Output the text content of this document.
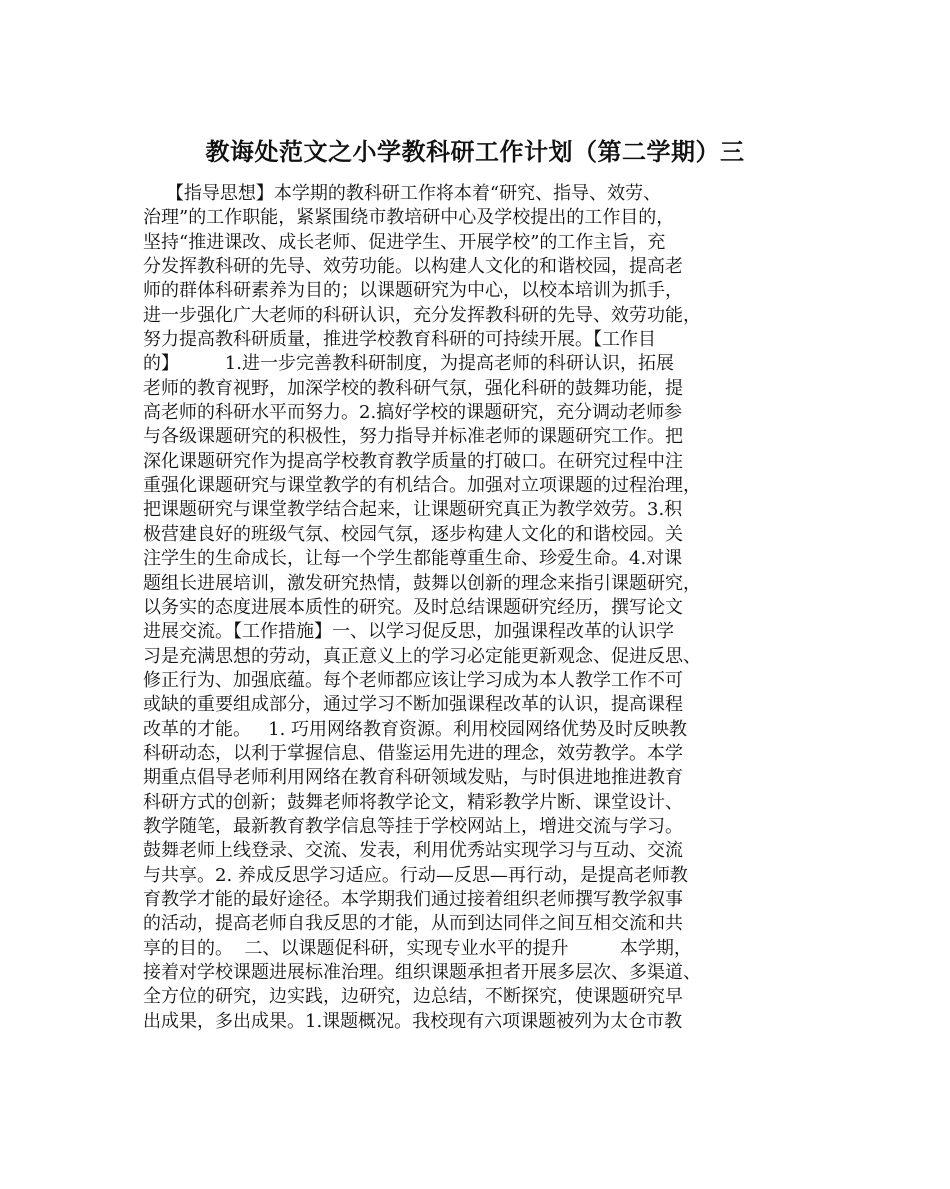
教诲处范文之小学教科研工作计划（第二学期）三
【指导思想】本学期的教科研工作将本着“研究、指导、效劳、
治理”的工作职能，紧紧围绕市教培研中心及学校提出的工作目的，
坚持“推进课改、成长老师、促进学生、开展学校”的工作主旨，充
分发挥教科研的先导、效劳功能。以构建人文化的和谐校园，提高老
师的群体科研素养为目的；以课题研究为中心，以校本培训为抓手，
进一步强化广大老师的科研认识，充分发挥教科研的先导、效劳功能，
努力提高教科研质量，推进学校教育科研的可持续开展。【工作目
的】        1.进一步完善教科研制度，为提高老师的科研认识，拓展
老师的教育视野，加深学校的教科研气氛，强化科研的鼓舞功能，提
高老师的科研水平而努力。2.搞好学校的课题研究，充分调动老师参
与各级课题研究的积极性，努力指导并标准老师的课题研究工作。把
深化课题研究作为提高学校教育教学质量的打破口。在研究过程中注
重强化课题研究与课堂教学的有机结合。加强对立项课题的过程治理，
把课题研究与课堂教学结合起来，让课题研究真正为教学效劳。3.积
极营建良好的班级气氛、校园气氛，逐步构建人文化的和谐校园。关
注学生的生命成长，让每一个学生都能尊重生命、珍爱生命。4.对课
题组长进展培训，激发研究热情，鼓舞以创新的理念来指引课题研究，
以务实的态度进展本质性的研究。及时总结课题研究经历，撰写论文
进展交流。【工作措施】一、以学习促反思，加强课程改革的认识学
习是充满思想的劳动，真正意义上的学习必定能更新观念、促进反思、
修正行为、加强底蕴。每个老师都应该让学习成为本人教学工作不可
或缺的重要组成部分，通过学习不断加强课程改革的认识，提高课程
改革的才能。   1. 巧用网络教育资源。利用校园网络优势及时反映教
科研动态，以利于掌握信息、借鉴运用先进的理念，效劳教学。本学
期重点倡导老师利用网络在教育科研领域发贴，与时俱进地推进教育
科研方式的创新；鼓舞老师将教学论文，精彩教学片断、课堂设计、
教学随笔，最新教育教学信息等挂于学校网站上，增进交流与学习。
鼓舞老师上线登录、交流、发表，利用优秀站实现学习与互动、交流
与共享。2. 养成反思学习适应。行动—反思—再行动，是提高老师教
育教学才能的最好途径。本学期我们通过接着组织老师撰写教学叙事
的活动，提高老师自我反思的才能，从而到达同伴之间互相交流和共
享的目的。  二、以课题促科研，实现专业水平的提升         本学期，
接着对学校课题进展标准治理。组织课题承担者开展多层次、多渠道、
全方位的研究，边实践，边研究，边总结，不断探究，使课题研究早
出成果，多出成果。1.课题概况。我校现有六项课题被列为太仓市教
